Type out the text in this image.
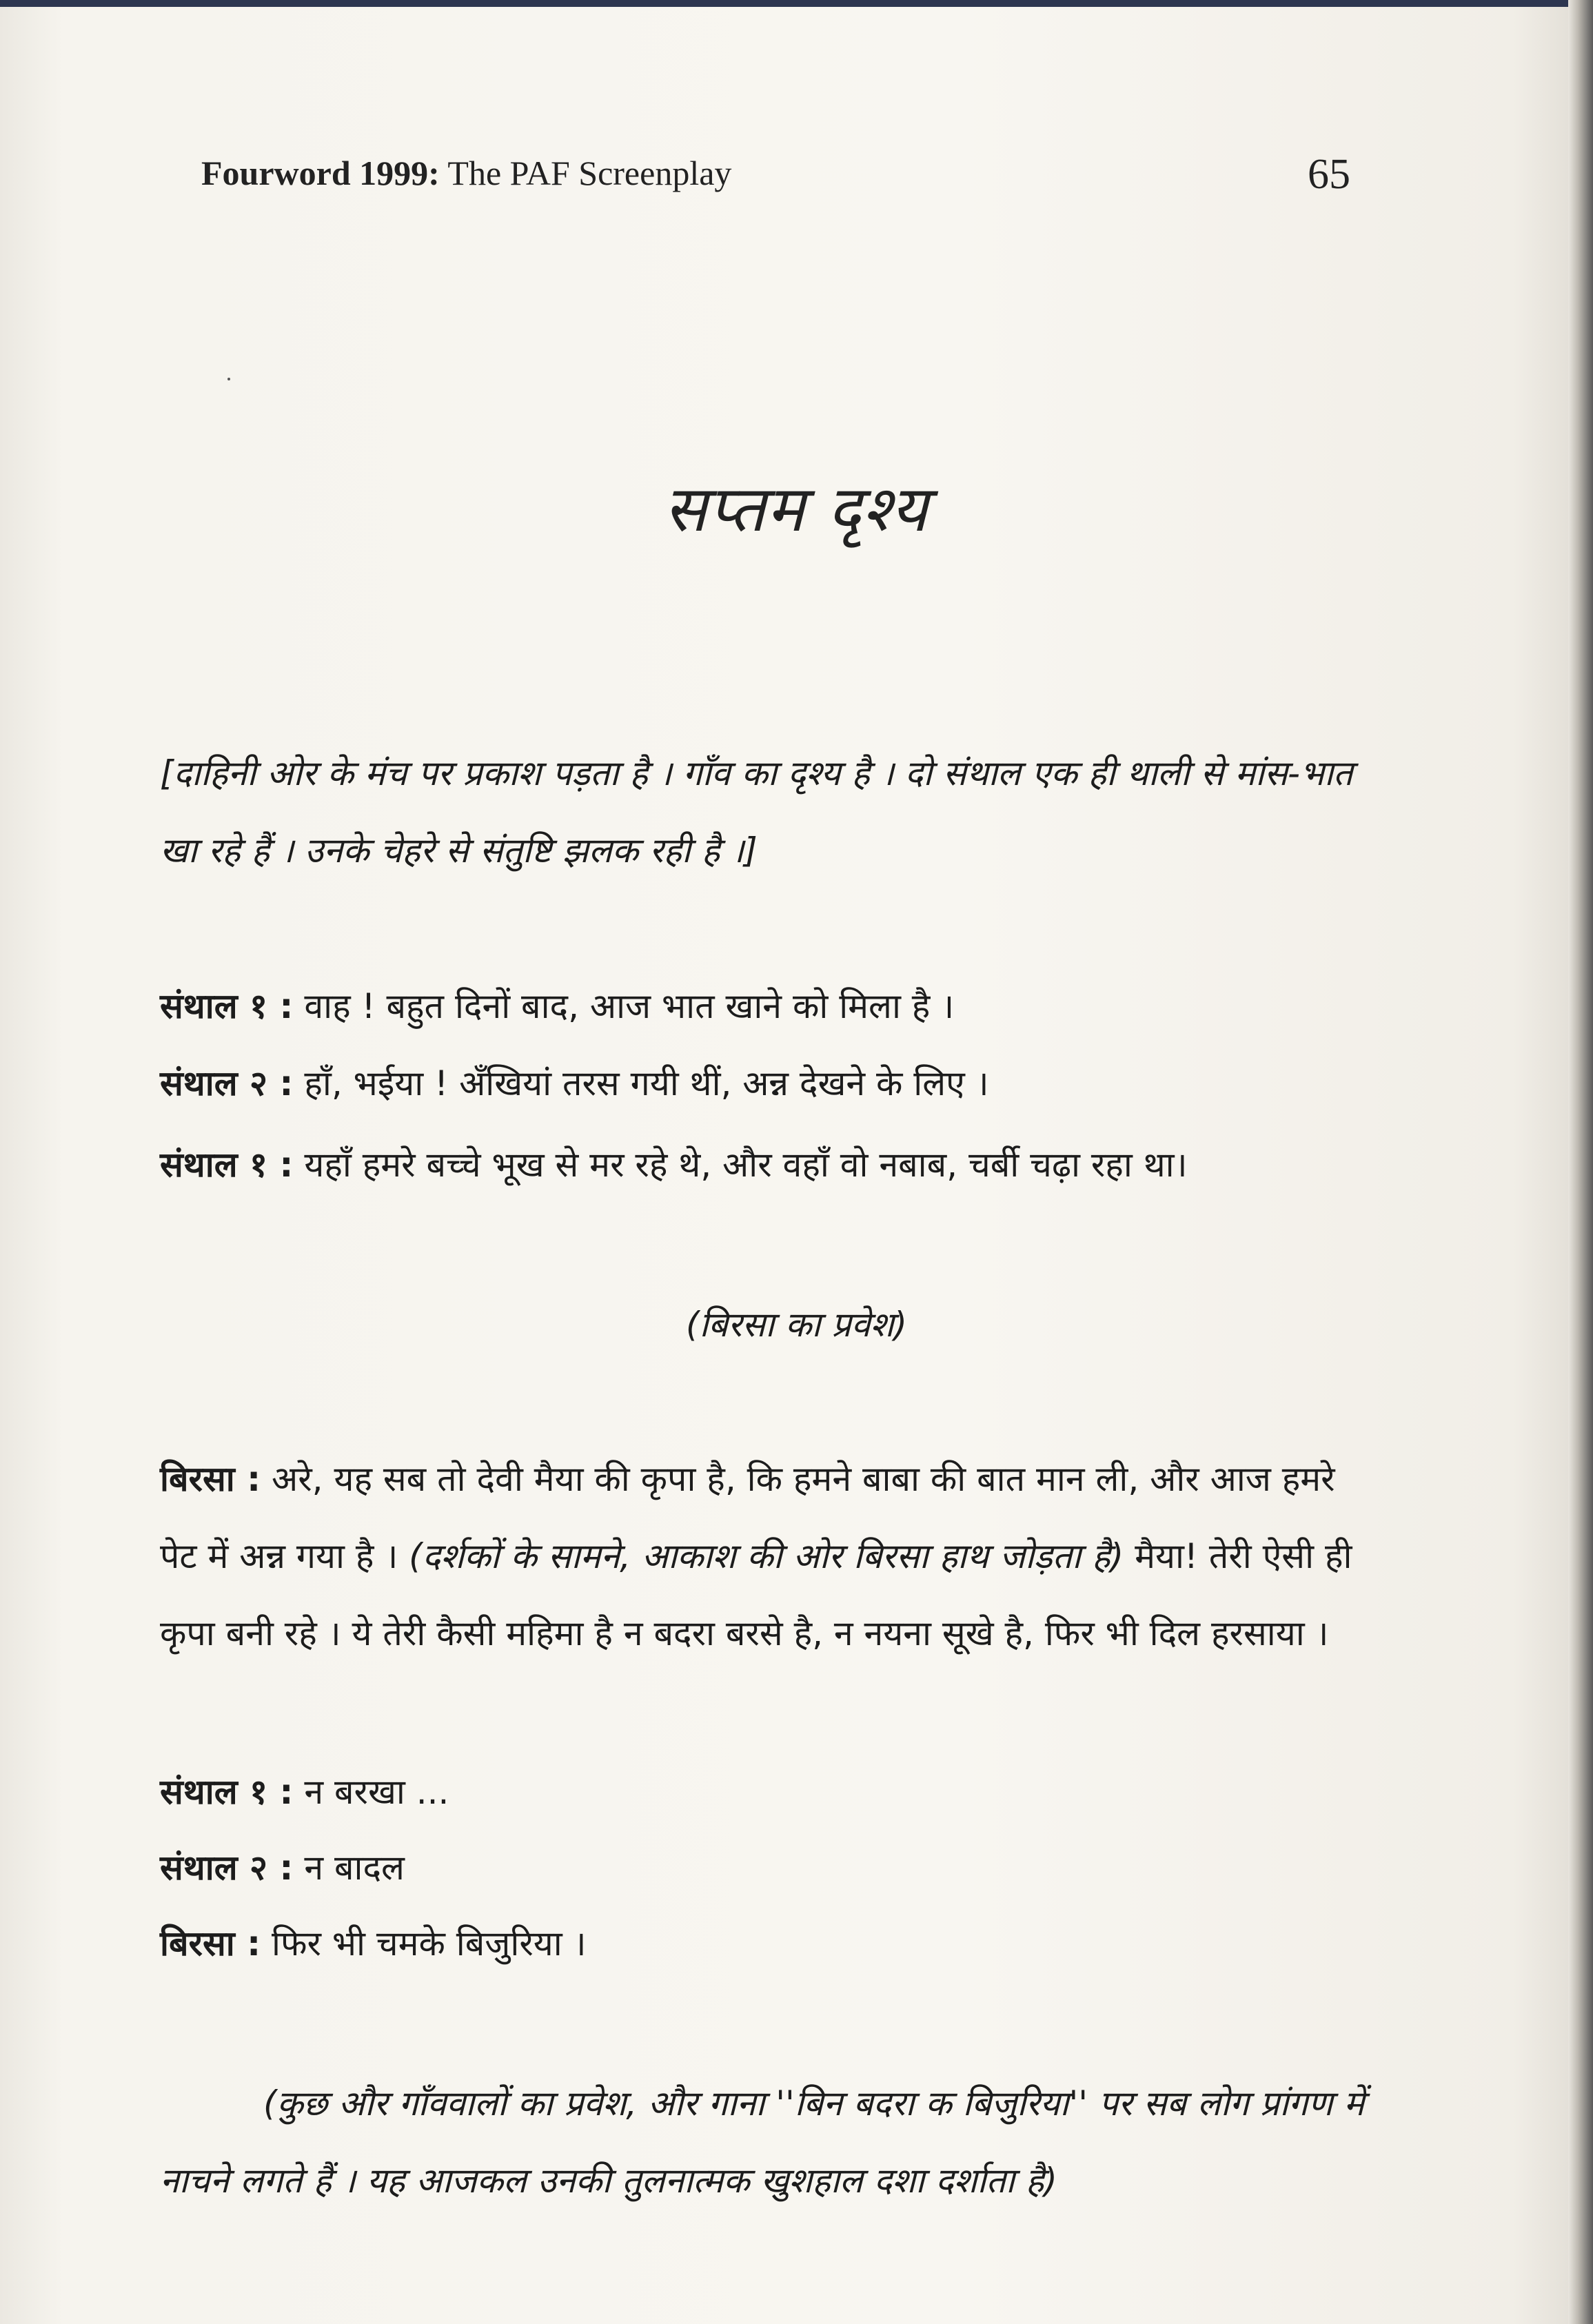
Fourword 1999: The PAF Screenplay	65
सप्तम दृश्य

[दाहिनी ओर के मंच पर प्रकाश पड़ता है । गाँव का दृश्य है । दो संथाल एक ही थाली से मांस-भात खा रहे हैं । उनके चेहरे से संतुष्टि झलक रही है ।]

संथाल १ : वाह ! बहुत दिनों बाद, आज भात खाने को मिला है ।
संथाल २ : हाँ, भईया ! अँखियां तरस गयी थीं, अन्न देखने के लिए ।
संथाल १ : यहाँ हमरे बच्चे भूख से मर रहे थे, और वहाँ वो नबाब, चर्बी चढ़ा रहा था।
(बिरसा का प्रवेश)

बिरसा : अरे, यह सब तो देवी मैया की कृपा है, कि हमने बाबा की बात मान ली, और आज हमरे पेट में अन्न गया है । (दर्शकों के सामने, आकाश की ओर बिरसा हाथ जोड़ता है) मैया! तेरी ऐसी ही कृपा बनी रहे । ये तेरी कैसी महिमा है न बदरा बरसे है, न नयना सूखे है, फिर भी दिल हरसाया ।

संथाल १ : न बरखा ...
संथाल २ : न बादल
बिरसा : फिर भी चमके बिजुरिया ।

(कुछ और गाँववालों का प्रवेश, और गाना ''बिन बदरा क बिजुरिया'' पर सब लोग प्रांगण में नाचने लगते हैं । यह आजकल उनकी तुलनात्मक खुशहाल दशा दर्शाता है)
